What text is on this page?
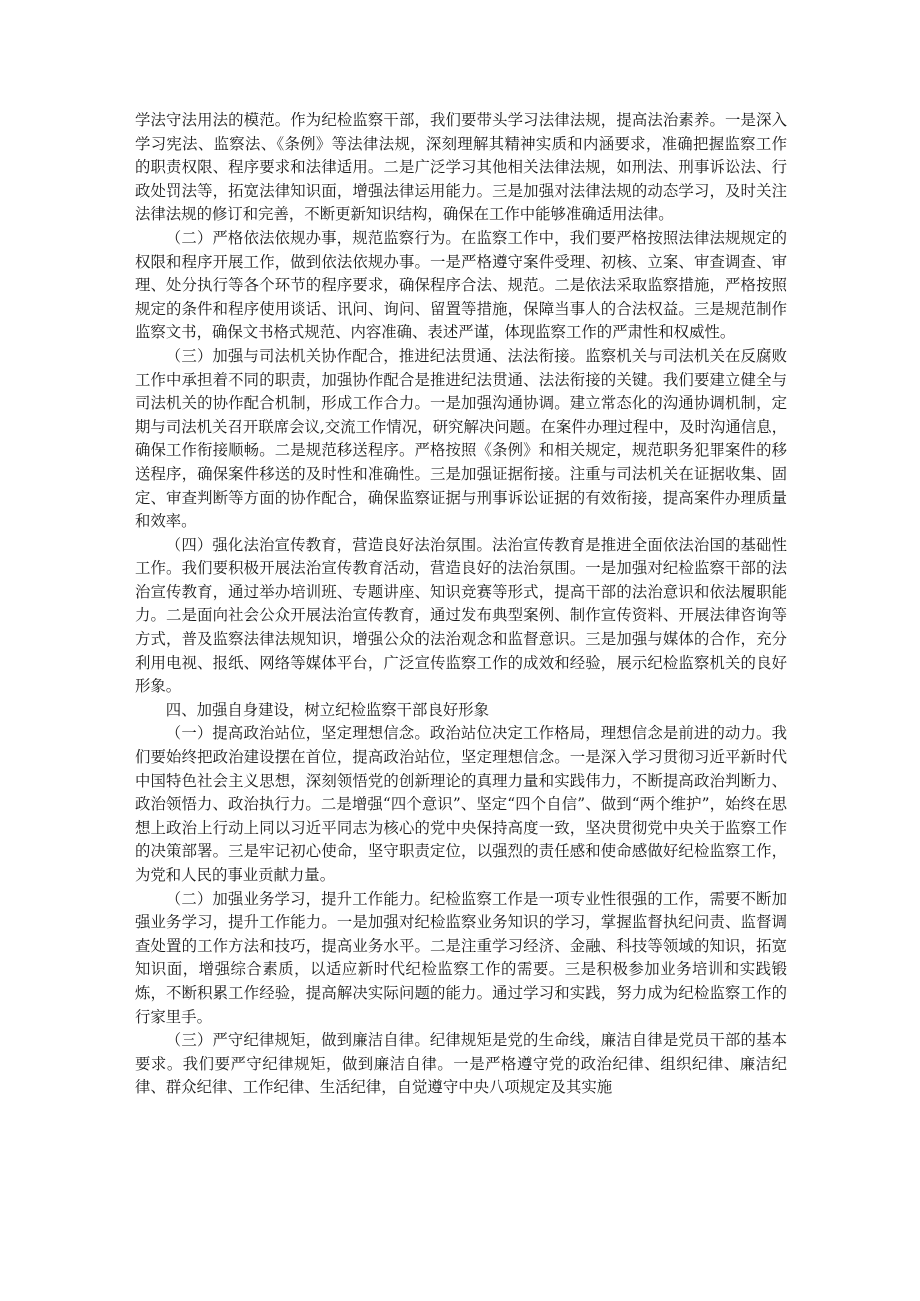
学法守法用法的模范。作为纪检监察干部，我们要带头学习法律法规，提高法治素养。一是深入学习宪法、监察法、《条例》等法律法规，深刻理解其精神实质和内涵要求，准确把握监察工作的职责权限、程序要求和法律适用。二是广泛学习其他相关法律法规，如刑法、刑事诉讼法、行政处罚法等，拓宽法律知识面，增强法律运用能力。三是加强对法律法规的动态学习，及时关注法律法规的修订和完善，不断更新知识结构，确保在工作中能够准确适用法律。

（二）严格依法依规办事，规范监察行为。在监察工作中，我们要严格按照法律法规规定的权限和程序开展工作，做到依法依规办事。一是严格遵守案件受理、初核、立案、审查调查、审理、处分执行等各个环节的程序要求，确保程序合法、规范。二是依法采取监察措施，严格按照规定的条件和程序使用谈话、讯问、询问、留置等措施，保障当事人的合法权益。三是规范制作监察文书，确保文书格式规范、内容准确、表述严谨，体现监察工作的严肃性和权威性。

（三）加强与司法机关协作配合，推进纪法贯通、法法衔接。监察机关与司法机关在反腐败工作中承担着不同的职责，加强协作配合是推进纪法贯通、法法衔接的关键。我们要建立健全与司法机关的协作配合机制，形成工作合力。一是加强沟通协调。建立常态化的沟通协调机制，定期与司法机关召开联席会议,交流工作情况，研究解决问题。在案件办理过程中，及时沟通信息，确保工作衔接顺畅。二是规范移送程序。严格按照《条例》和相关规定，规范职务犯罪案件的移送程序，确保案件移送的及时性和准确性。三是加强证据衔接。注重与司法机关在证据收集、固定、审查判断等方面的协作配合，确保监察证据与刑事诉讼证据的有效衔接，提高案件办理质量和效率。

（四）强化法治宣传教育，营造良好法治氛围。法治宣传教育是推进全面依法治国的基础性工作。我们要积极开展法治宣传教育活动，营造良好的法治氛围。一是加强对纪检监察干部的法治宣传教育，通过举办培训班、专题讲座、知识竞赛等形式，提高干部的法治意识和依法履职能力。二是面向社会公众开展法治宣传教育，通过发布典型案例、制作宣传资料、开展法律咨询等方式，普及监察法律法规知识，增强公众的法治观念和监督意识。三是加强与媒体的合作，充分利用电视、报纸、网络等媒体平台，广泛宣传监察工作的成效和经验，展示纪检监察机关的良好形象。

四、加强自身建设，树立纪检监察干部良好形象

（一）提高政治站位，坚定理想信念。政治站位决定工作格局，理想信念是前进的动力。我们要始终把政治建设摆在首位，提高政治站位，坚定理想信念。一是深入学习贯彻习近平新时代中国特色社会主义思想，深刻领悟党的创新理论的真理力量和实践伟力，不断提高政治判断力、政治领悟力、政治执行力。二是增强“四个意识”、坚定“四个自信”、做到“两个维护”，始终在思想上政治上行动上同以习近平同志为核心的党中央保持高度一致，坚决贯彻党中央关于监察工作的决策部署。三是牢记初心使命，坚守职责定位，以强烈的责任感和使命感做好纪检监察工作，为党和人民的事业贡献力量。

（二）加强业务学习，提升工作能力。纪检监察工作是一项专业性很强的工作，需要不断加强业务学习，提升工作能力。一是加强对纪检监察业务知识的学习，掌握监督执纪问责、监督调查处置的工作方法和技巧，提高业务水平。二是注重学习经济、金融、科技等领域的知识，拓宽知识面，增强综合素质，以适应新时代纪检监察工作的需要。三是积极参加业务培训和实践锻炼，不断积累工作经验，提高解决实际问题的能力。通过学习和实践，努力成为纪检监察工作的行家里手。

（三）严守纪律规矩，做到廉洁自律。纪律规矩是党的生命线，廉洁自律是党员干部的基本要求。我们要严守纪律规矩，做到廉洁自律。一是严格遵守党的政治纪律、组织纪律、廉洁纪律、群众纪律、工作纪律、生活纪律，自觉遵守中央八项规定及其实施
